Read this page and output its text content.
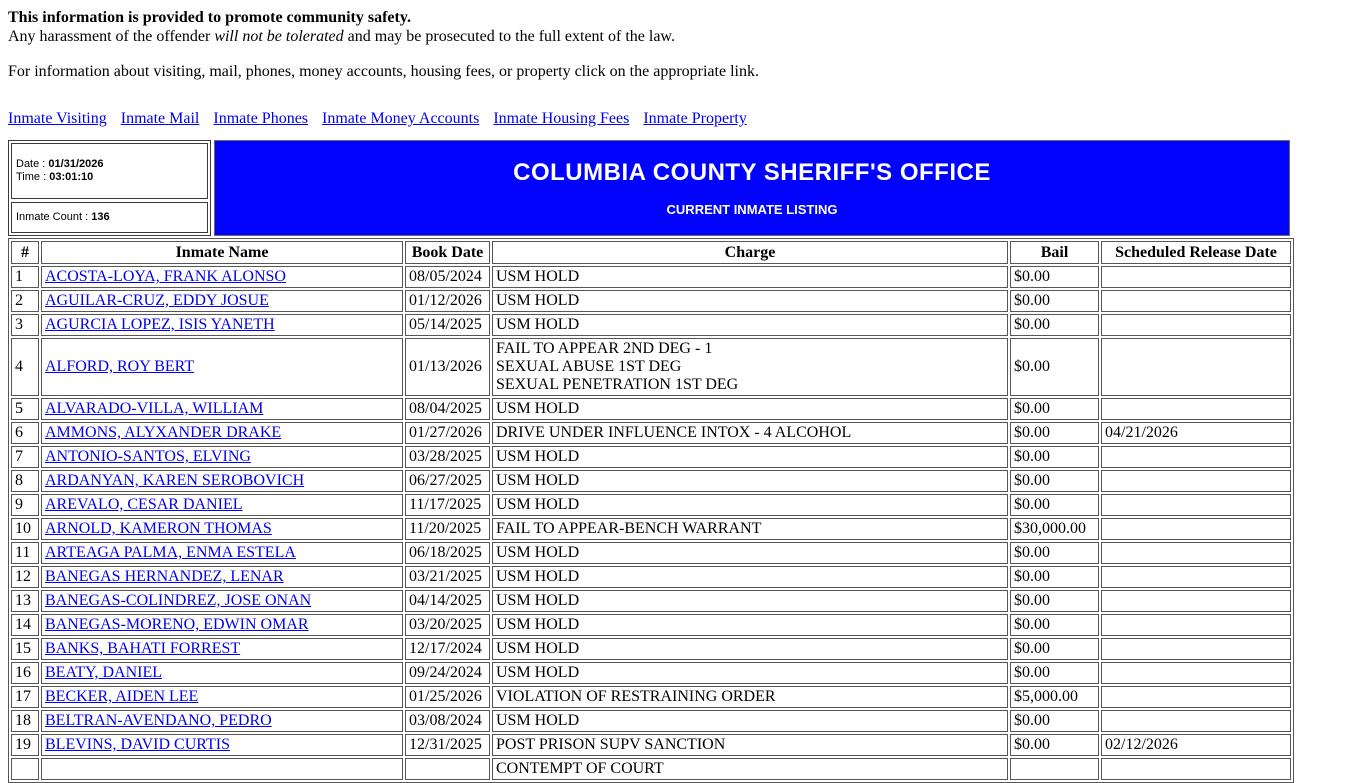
This information is provided to promote community safety.
Any harassment of the offender will not be tolerated and may be prosecuted to the full extent of the law.

For information about visiting, mail, phones, money accounts, housing fees, or property click on the appropriate link.

Inmate Visiting Inmate Mail Inmate Phones Inmate Money Accounts Inmate Housing Fees Inmate Property
Date : 01/31/2026
Time : 03:01:10
Inmate Count :
136
COLUMBIA COUNTY SHERIFF'S OFFICE
CURRENT INMATE LISTING
#	Inmate Name	Book Date	Charge	Bail	Scheduled Release Date
1	ACOSTA-LOYA, FRANK ALONSO	08/05/2024	USM HOLD	$0.00	
2	AGUILAR-CRUZ, EDDY JOSUE	01/12/2026	USM HOLD	$0.00	
3	AGURCIA LOPEZ, ISIS YANETH	05/14/2025	USM HOLD	$0.00	
4	ALFORD, ROY BERT	01/13/2026	FAIL TO APPEAR 2ND DEG - 1
SEXUAL ABUSE 1ST DEG
SEXUAL PENETRATION 1ST DEG	$0.00	
5	ALVARADO-VILLA, WILLIAM	08/04/2025	USM HOLD	$0.00	
6	AMMONS, ALYXANDER DRAKE	01/27/2026	DRIVE UNDER INFLUENCE INTOX - 4 ALCOHOL	$0.00	04/21/2026
7	ANTONIO-SANTOS, ELVING	03/28/2025	USM HOLD	$0.00	
8	ARDANYAN, KAREN SEROBOVICH	06/27/2025	USM HOLD	$0.00	
9	AREVALO, CESAR DANIEL	11/17/2025	USM HOLD	$0.00	
10	ARNOLD, KAMERON THOMAS	11/20/2025	FAIL TO APPEAR-BENCH WARRANT	$30,000.00	
11	ARTEAGA PALMA, ENMA ESTELA	06/18/2025	USM HOLD	$0.00	
12	BANEGAS HERNANDEZ, LENAR	03/21/2025	USM HOLD	$0.00	
13	BANEGAS-COLINDREZ, JOSE ONAN	04/14/2025	USM HOLD	$0.00	
14	BANEGAS-MORENO, EDWIN OMAR	03/20/2025	USM HOLD	$0.00	
15	BANKS, BAHATI FORREST	12/17/2024	USM HOLD	$0.00	
16	BEATY, DANIEL	09/24/2024	USM HOLD	$0.00	
17	BECKER, AIDEN LEE	01/25/2026	VIOLATION OF RESTRAINING ORDER	$5,000.00	
18	BELTRAN-AVENDANO, PEDRO	03/08/2024	USM HOLD	$0.00	
19	BLEVINS, DAVID CURTIS	12/31/2025	POST PRISON SUPV SANCTION	$0.00	02/12/2026
			CONTEMPT OF COURT		
